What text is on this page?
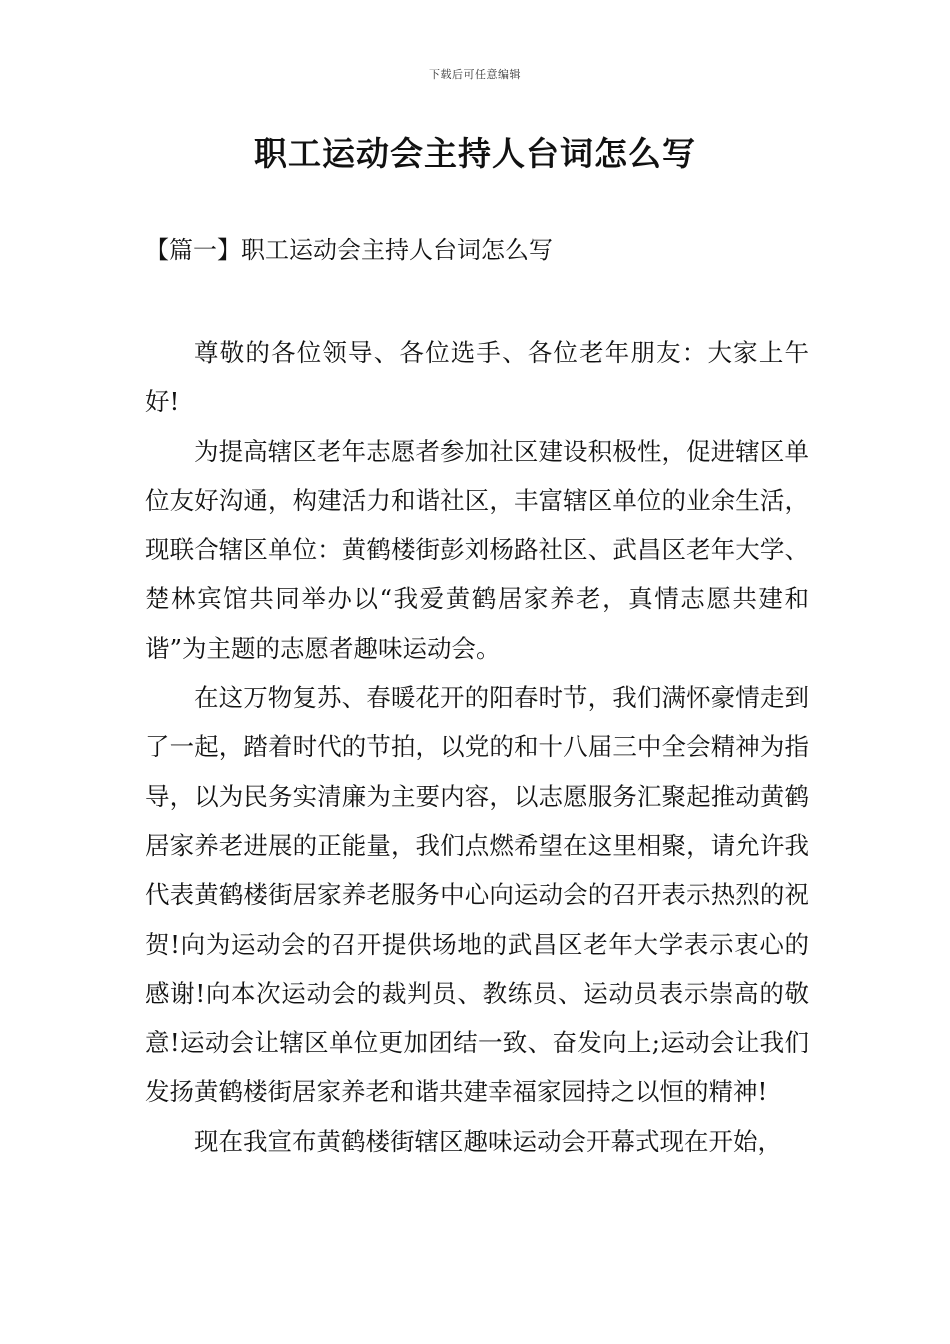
下载后可任意编辑
职工运动会主持人台词怎么写
【篇一】职工运动会主持人台词怎么写

尊敬的各位领导、各位选手、各位老年朋友：大家上午好!

为提高辖区老年志愿者参加社区建设积极性，促进辖区单位友好沟通，构建活力和谐社区，丰富辖区单位的业余生活，现联合辖区单位：黄鹤楼街彭刘杨路社区、武昌区老年大学、楚林宾馆共同举办以“我爱黄鹤居家养老，真情志愿共建和谐”为主题的志愿者趣味运动会。

在这万物复苏、春暖花开的阳春时节，我们满怀豪情走到了一起，踏着时代的节拍，以党的和十八届三中全会精神为指导，以为民务实清廉为主要内容，以志愿服务汇聚起推动黄鹤居家养老进展的正能量，我们点燃希望在这里相聚，请允许我代表黄鹤楼街居家养老服务中心向运动会的召开表示热烈的祝贺!向为运动会的召开提供场地的武昌区老年大学表示衷心的感谢!向本次运动会的裁判员、教练员、运动员表示崇高的敬意!运动会让辖区单位更加团结一致、奋发向上;运动会让我们发扬黄鹤楼街居家养老和谐共建幸福家园持之以恒的精神!

现在我宣布黄鹤楼街辖区趣味运动会开幕式现在开始，
